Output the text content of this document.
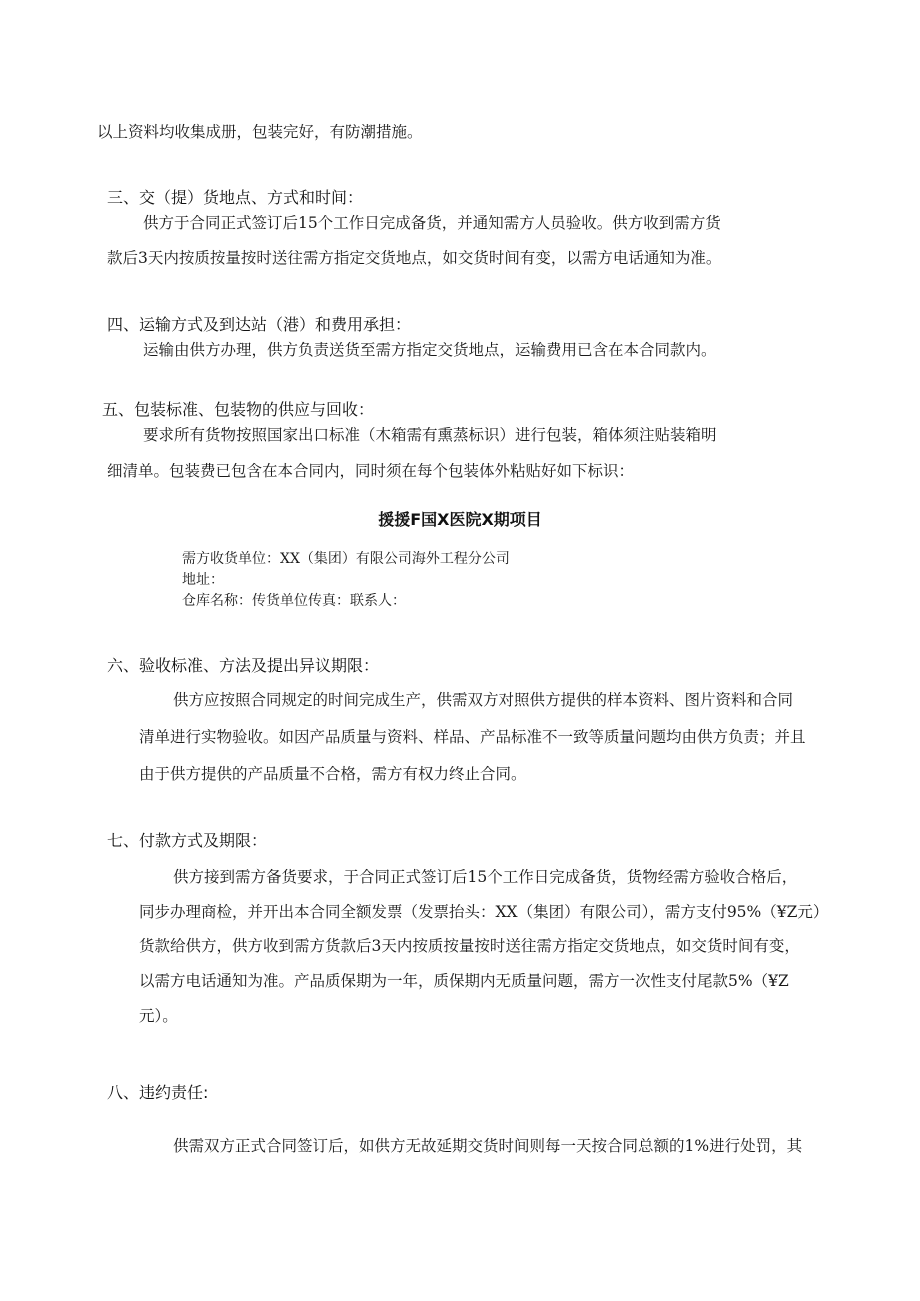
以上资料均收集成册，包装完好，有防潮措施。
三、交（提）货地点、方式和时间：
供方于合同正式签订后15个工作日完成备货，并通知需方人员验收。供方收到需方货
款后3天内按质按量按时送往需方指定交货地点，如交货时间有变，以需方电话通知为准。
四、运输方式及到达站（港）和费用承担：
运输由供方办理，供方负责送货至需方指定交货地点，运输费用已含在本合同款内。
五、包装标准、包装物的供应与回收：
要求所有货物按照国家出口标准（木箱需有熏蒸标识）进行包装，箱体须注贴装箱明
细清单。包装费已包含在本合同内，同时须在每个包装体外粘贴好如下标识：
援援F国X医院X期项目
需方收货单位：XX（集团）有限公司海外工程分公司
地址：
仓库名称：传货单位传真：联系人：
六、验收标准、方法及提出异议期限：
供方应按照合同规定的时间完成生产，供需双方对照供方提供的样本资料、图片资料和合同
清单进行实物验收。如因产品质量与资料、样品、产品标准不一致等质量问题均由供方负责；并且
由于供方提供的产品质量不合格，需方有权力终止合同。
七、付款方式及期限：
供方接到需方备货要求，于合同正式签订后15个工作日完成备货，货物经需方验收合格后，
同步办理商检，并开出本合同全额发票（发票抬头：XX（集团）有限公司），需方支付95%（¥Z元）
货款给供方，供方收到需方货款后3天内按质按量按时送往需方指定交货地点，如交货时间有变，
以需方电话通知为准。产品质保期为一年，质保期内无质量问题，需方一次性支付尾款5%（¥Z
元）。
八、违约责任:
供需双方正式合同签订后，如供方无故延期交货时间则每一天按合同总额的1%进行处罚，其
